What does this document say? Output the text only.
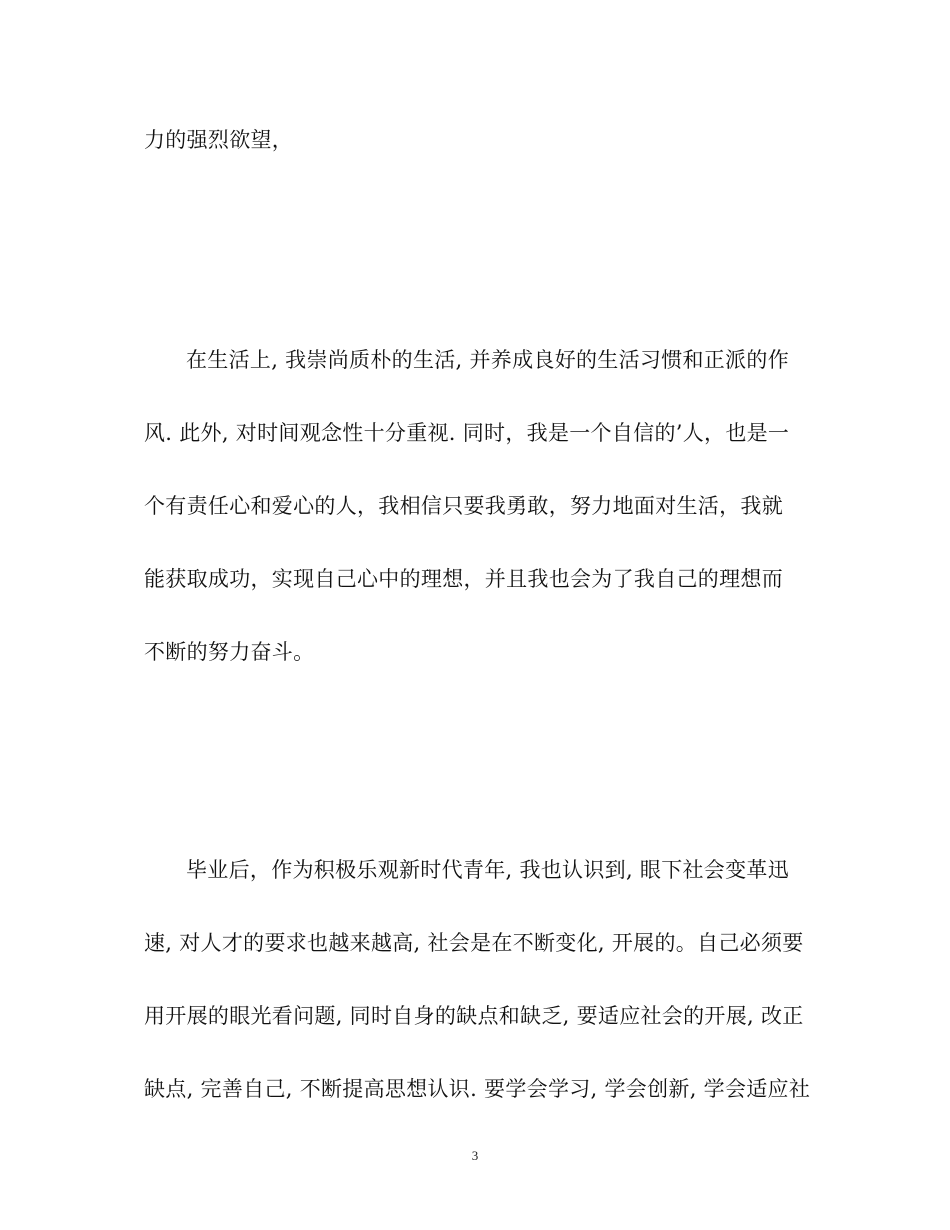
力的强烈欲望，
在生活上, 我崇尚质朴的生活, 并养成良好的生活习惯和正派的作
风. 此外, 对时间观念性十分重视. 同时，我是一个自信的’人，也是一
个有责任心和爱心的人，我相信只要我勇敢，努力地面对生活，我就
能获取成功，实现自己心中的理想，并且我也会为了我自己的理想而
不断的努力奋斗。
毕业后，作为积极乐观新时代青年, 我也认识到, 眼下社会变革迅
速, 对人才的要求也越来越高, 社会是在不断变化, 开展的。自己必须要
用开展的眼光看问题, 同时自身的缺点和缺乏, 要适应社会的开展, 改正
缺点, 完善自己, 不断提高思想认识. 要学会学习, 学会创新, 学会适应社
3
